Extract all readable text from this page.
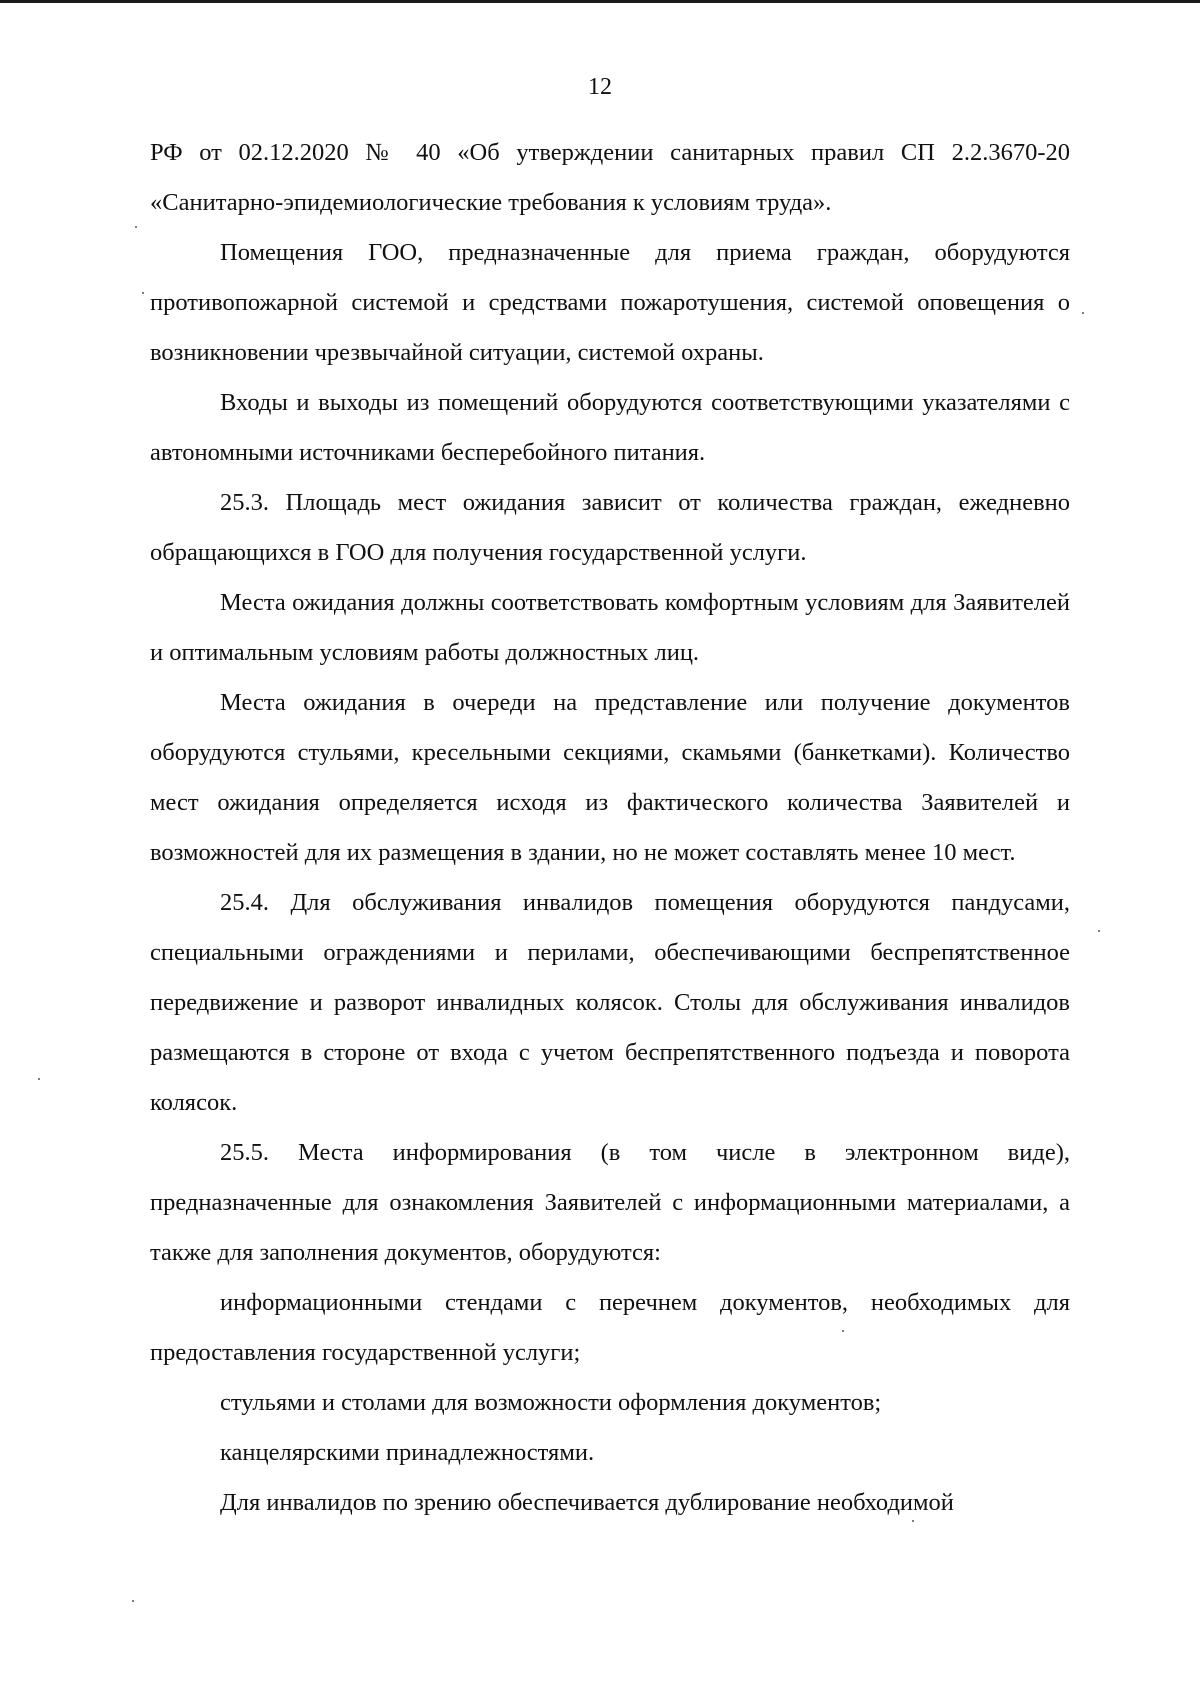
12

РФ от 02.12.2020 № 40 «Об утверждении санитарных правил СП 2.2.3670-20 «Санитарно-эпидемиологические требования к условиям труда».

Помещения ГОО, предназначенные для приема граждан, оборудуются противопожарной системой и средствами пожаротушения, системой оповещения о возникновении чрезвычайной ситуации, системой охраны.

Входы и выходы из помещений оборудуются соответствующими указателями с автономными источниками бесперебойного питания.

25.3. Площадь мест ожидания зависит от количества граждан, ежедневно обращающихся в ГОО для получения государственной услуги.

Места ожидания должны соответствовать комфортным условиям для Заявителей и оптимальным условиям работы должностных лиц.

Места ожидания в очереди на представление или получение документов оборудуются стульями, кресельными секциями, скамьями (банкетками). Количество мест ожидания определяется исходя из фактического количества Заявителей и возможностей для их размещения в здании, но не может составлять менее 10 мест.

25.4. Для обслуживания инвалидов помещения оборудуются пандусами, специальными ограждениями и перилами, обеспечивающими беспрепятственное передвижение и разворот инвалидных колясок. Столы для обслуживания инвалидов размещаются в стороне от входа с учетом беспрепятственного подъезда и поворота колясок.

25.5. Места информирования (в том числе в электронном виде), предназначенные для ознакомления Заявителей с информационными материалами, а также для заполнения документов, оборудуются:

информационными стендами с перечнем документов, необходимых для предоставления государственной услуги;

стульями и столами для возможности оформления документов;

канцелярскими принадлежностями.

Для инвалидов по зрению обеспечивается дублирование необходимой
